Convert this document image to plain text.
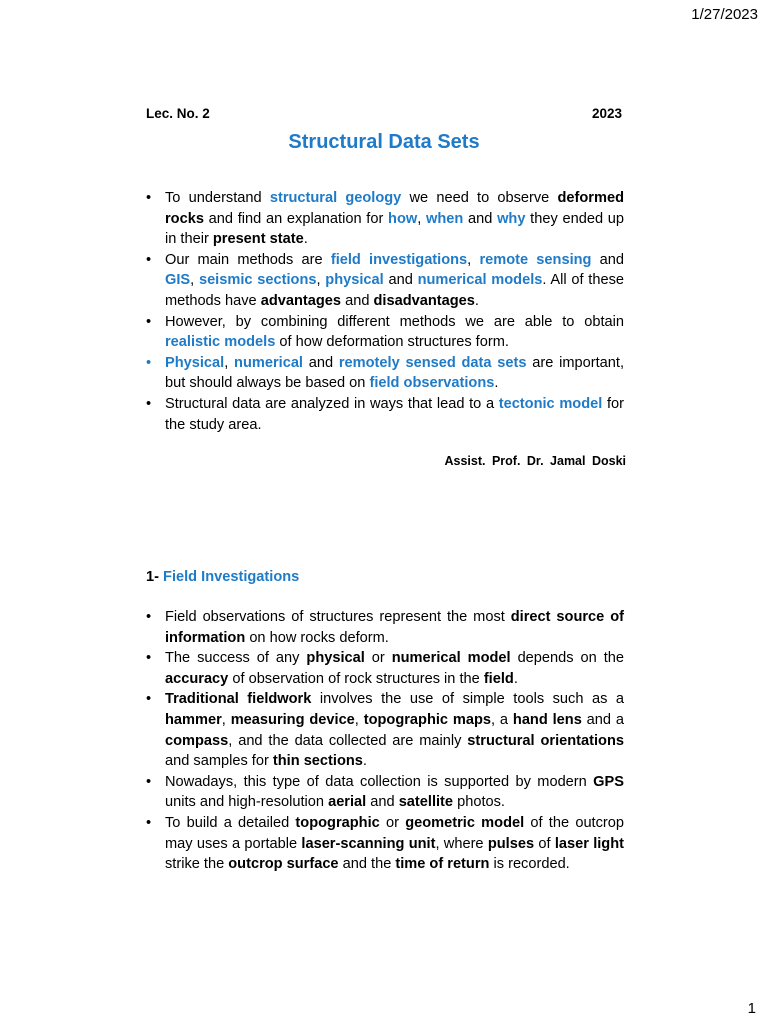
1/27/2023
Lec. No. 2	2023
Structural Data Sets
• To understand structural geology we need to observe deformed rocks and find an explanation for how, when and why they ended up in their present state.
• Our main methods are field investigations, remote sensing and GIS, seismic sections, physical and numerical models. All of these methods have advantages and disadvantages.
• However, by combining different methods we are able to obtain realistic models of how deformation structures form.
• Physical, numerical and remotely sensed data sets are important, but should always be based on field observations.
• Structural data are analyzed in ways that lead to a tectonic model for the study area.
Assist. Prof. Dr. Jamal Doski
1- Field Investigations
• Field observations of structures represent the most direct source of information on how rocks deform.
• The success of any physical or numerical model depends on the accuracy of observation of rock structures in the field.
• Traditional fieldwork involves the use of simple tools such as a hammer, measuring device, topographic maps, a hand lens and a compass, and the data collected are mainly structural orientations and samples for thin sections.
• Nowadays, this type of data collection is supported by modern GPS units and high-resolution aerial and satellite photos.
• To build a detailed topographic or geometric model of the outcrop may uses a portable laser-scanning unit, where pulses of laser light strike the outcrop surface and the time of return is recorded.
1
